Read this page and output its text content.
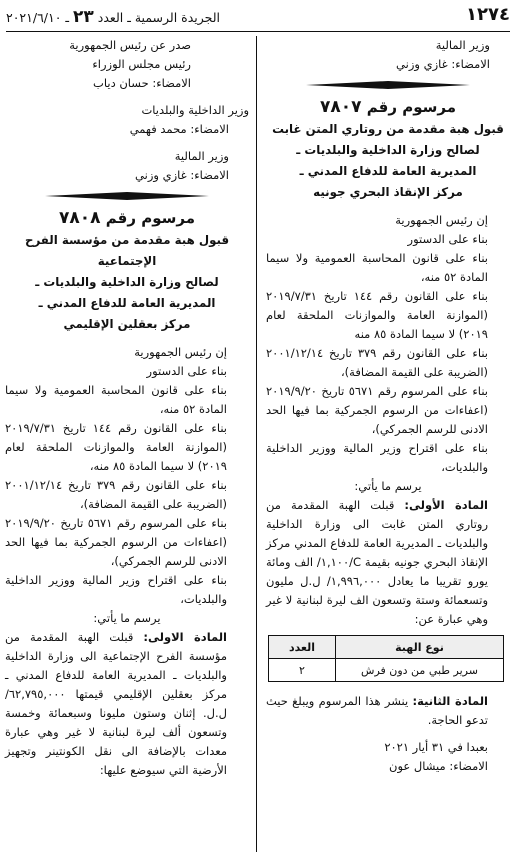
١٢٧٤
الجريدة الرسمية ـ العدد ٢٣ ـ ٢٠٢١/٦/١٠

وزير المالية

الامضاء: غازي وزني

مرسوم رقم ٧٨٠٧
قبول هبة مقدمة من روتاري المتن غابت
لصالح وزارة الداخلية والبلديات ـ
المديرية العامة للدفاع المدني ـ
مركز الإنقاذ البحري جونيه

إن رئيس الجمهورية

بناء على الدستور

بناء على قانون المحاسبة العمومية ولا سيما المادة ٥٢ منه،

بناء على القانون رقم ١٤٤ تاريخ ٢٠١٩/٧/٣١ (الموازنة العامة والموازنات الملحقة لعام ٢٠١٩) لا سيما المادة ٨٥ منه

بناء على القانون رقم ٣٧٩ تاريخ ٢٠٠١/١٢/١٤ (الضريبة على القيمة المضافة)،

بناء على المرسوم رقم ٥٦٧١ تاريخ ٢٠١٩/٩/٢٠ (اعفاءات من الرسوم الجمركية بما فيها الحد الادنى للرسم الجمركي)،

بناء على اقتراح وزير المالية ووزير الداخلية والبلديات،

يرسم ما يأتي:

المادة الأولى: قبلت الهبة المقدمة من روتاري المتن غابت الى وزارة الداخلية والبلديات ـ المديرية العامة للدفاع المدني مركز الإنقاذ البحري جونيه بقيمة C/١,١٠٠/ الف ومائة يورو تقريبا ما يعادل ١,٩٩٦,٠٠٠/ ل.ل مليون وتسعمائة وستة وتسعون الف ليرة لبنانية لا غير وهي عبارة عن:

نوع الهبة	العدد
سرير طبي من دون فرش	٢

المادة الثانية: ينشر هذا المرسوم ويبلغ حيث تدعو الحاجة.

بعبدا في ٣١ أيار ٢٠٢١

الامضاء: ميشال عون

صدر عن رئيس الجمهورية

رئيس مجلس الوزراء

الامضاء: حسان دياب

وزير الداخلية والبلديات

الامضاء: محمد فهمي

وزير المالية

الامضاء: غازي وزني

مرسوم رقم ٧٨٠٨
قبول هبة مقدمة من مؤسسة الفرح الإجتماعية
لصالح وزارة الداخلية والبلديات ـ
المديرية العامة للدفاع المدني ـ
مركز بعقلين الإقليمي

إن رئيس الجمهورية

بناء على الدستور

بناء على قانون المحاسبة العمومية ولا سيما المادة ٥٢ منه،

بناء على القانون رقم ١٤٤ تاريخ ٢٠١٩/٧/٣١ (الموازنة العامة والموازنات الملحقة لعام ٢٠١٩) لا سيما المادة ٨٥ منه،

بناء على القانون رقم ٣٧٩ تاريخ ٢٠٠١/١٢/١٤ (الضريبة على القيمة المضافة)،

بناء على المرسوم رقم ٥٦٧١ تاريخ ٢٠١٩/٩/٢٠ (اعفاءات من الرسوم الجمركية بما فيها الحد الادنى للرسم الجمركي)،

بناء على اقتراح وزير المالية ووزير الداخلية والبلديات،

يرسم ما يأتي:

المادة الاولى: قبلت الهبة المقدمة من مؤسسة الفرح الإجتماعية الى وزارة الداخلية والبلديات ـ المديرية العامة للدفاع المدني ـ مركز بعقلين الإقليمي قيمتها ٦٢,٧٩٥,٠٠٠/ ل.ل. إثنان وستون مليونا وسبعمائة وخمسة وتسعون ألف ليرة لبنانية لا غير وهي عبارة معدات بالإضافة الى نقل الكونتينر وتجهيز الأرضية التي سيوضع عليها:
